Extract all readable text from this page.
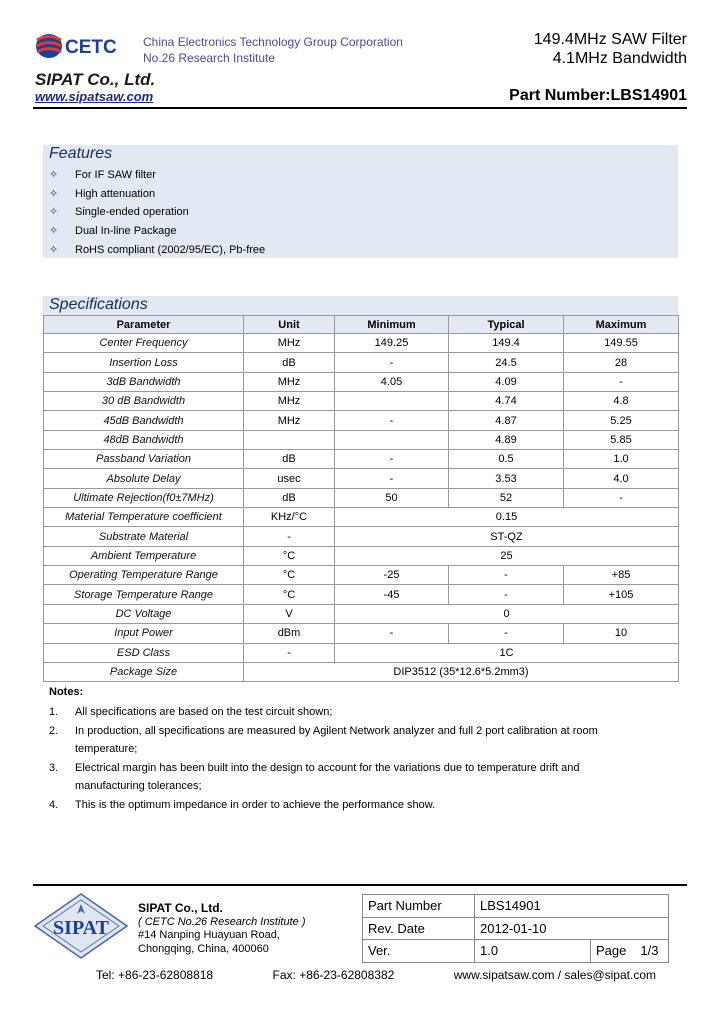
CETC China Electronics Technology Group Corporation
No.26 Research Institute
149.4MHz SAW Filter
4.1MHz Bandwidth
SIPAT Co., Ltd.
www.sipatsaw.com	Part Number:LBS14901
Features
✧ For IF SAW filter
✧ High attenuation
✧ Single-ended operation
✧ Dual In-line Package
✧ RoHS compliant (2002/95/EC), Pb-free
Specifications
Parameter	Unit	Minimum	Typical	Maximum
Center Frequency	MHz	149.25	149.4	149.55
Insertion Loss	dB	-	24.5	28
3dB Bandwidth	MHz	4.05	4.09	-
30 dB Bandwidth	MHz		4.74	4.8
45dB Bandwidth	MHz	-	4.87	5.25
48dB Bandwidth			4.89	5.85
Passband Variation	dB	-	0.5	1.0
Absolute Delay	usec	-	3.53	4.0
Ultimate Rejection(f0±7MHz)	dB	50	52	-
Material Temperature coefficient	KHz/°C	0.15		
Substrate Material	-	ST-QZ		
Ambient Temperature	°C	25		
Operating Temperature Range	°C	-25	-	+85
Storage Temperature Range	°C	-45	-	+105
DC Voltage	V	0		
Input Power	dBm	-	-	10
ESD Class	-	1C		
Package Size	DIP3512 (35*12.6*5.2mm3)			
Notes:
1.	All specifications are based on the test circuit shown;
2.	In production, all specifications are measured by Agilent Network analyzer and full 2 port calibration at room temperature;
3.	Electrical margin has been built into the design to account for the variations due to temperature drift and manufacturing tolerances;
4.	This is the optimum impedance in order to achieve the performance show.
SIPAT
SIPAT Co., Ltd.
( CETC No.26 Research Institute )
#14 Nanping Huayuan Road,
Chongqing, China, 400060
Part Number	LBS14901	
Rev. Date	2012-01-10	
Ver.	1.0	Page 1/3
Tel: +86-23-62808818	Fax: +86-23-62808382	www.sipatsaw.com / sales@sipat.com
